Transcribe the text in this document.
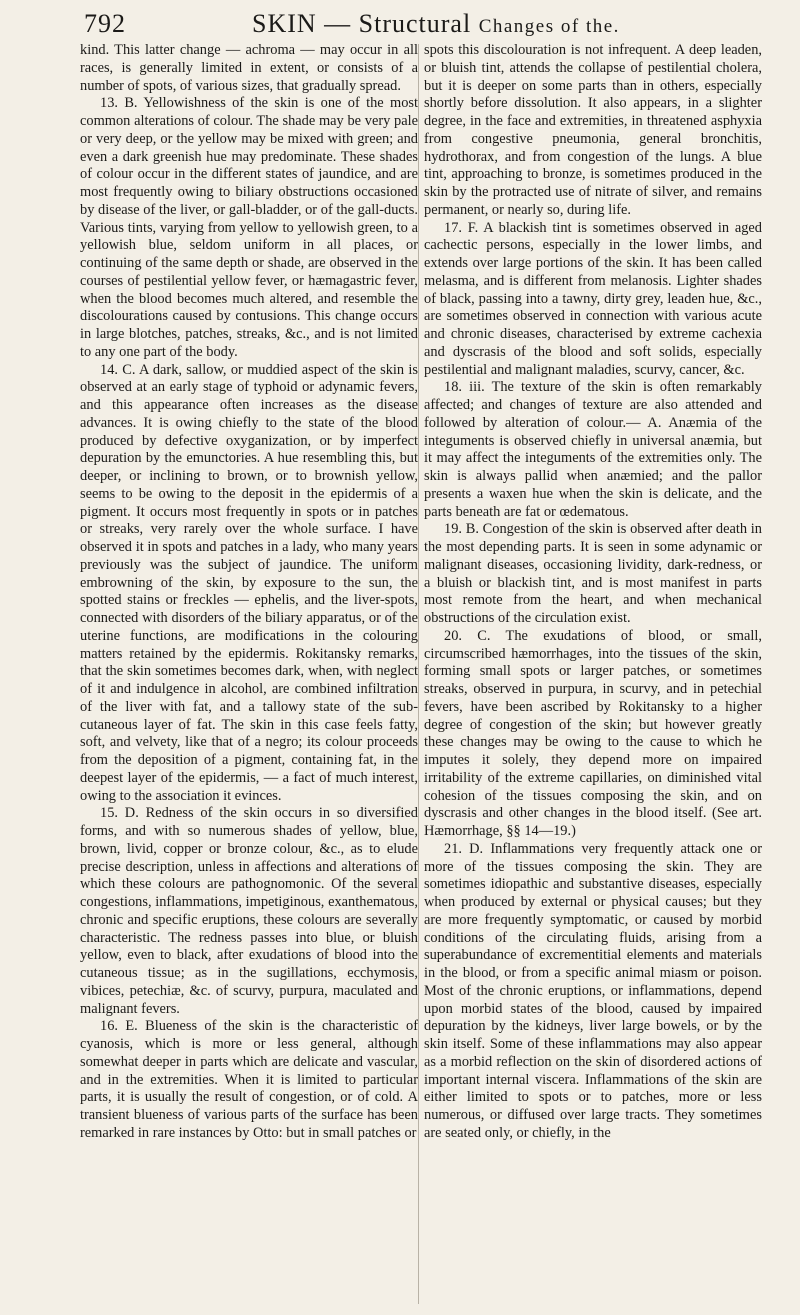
792	SKIN — Structural Changes of the.

kind. This latter change — achroma — may occur in all races, is generally limited in extent, or consists of a number of spots, of various sizes, that gradually spread.

13. B. Yellowishness of the skin is one of the most common alterations of colour. The shade may be very pale or very deep, or the yellow may be mixed with green; and even a dark greenish hue may predominate. These shades of colour occur in the different states of jaundice, and are most frequently owing to biliary obstructions occasioned by disease of the liver, or gall-bladder, or of the gall-ducts. Various tints, varying from yellow to yellowish green, to a yellowish blue, seldom uniform in all places, or continuing of the same depth or shade, are observed in the courses of pestilential yellow fever, or hæmagastric fever, when the blood becomes much altered, and resemble the discolourations caused by contusions. This change occurs in large blotches, patches, streaks, &c., and is not limited to any one part of the body.

14. C. A dark, sallow, or muddied aspect of the skin is observed at an early stage of typhoid or adynamic fevers, and this appearance often increases as the disease advances. It is owing chiefly to the state of the blood produced by defective oxyganization, or by imperfect depuration by the emunctories. A hue resembling this, but deeper, or inclining to brown, or to brownish yellow, seems to be owing to the deposit in the epidermis of a pigment. It occurs most frequently in spots or in patches or streaks, very rarely over the whole surface. I have observed it in spots and patches in a lady, who many years previously was the subject of jaundice. The uniform embrowning of the skin, by exposure to the sun, the spotted stains or freckles — ephelis, and the liver-spots, connected with disorders of the biliary apparatus, or of the uterine functions, are modifications in the colouring matters retained by the epidermis. Rokitansky remarks, that the skin sometimes becomes dark, when, with neglect of it and indulgence in alcohol, are combined infiltration of the liver with fat, and a tallowy state of the sub-cutaneous layer of fat. The skin in this case feels fatty, soft, and velvety, like that of a negro; its colour proceeds from the deposition of a pigment, containing fat, in the deepest layer of the epidermis, — a fact of much interest, owing to the association it evinces.

15. D. Redness of the skin occurs in so diversified forms, and with so numerous shades of yellow, blue, brown, livid, copper or bronze colour, &c., as to elude precise description, unless in affections and alterations of which these colours are pathognomonic. Of the several congestions, inflammations, impetiginous, exanthematous, chronic and specific eruptions, these colours are severally characteristic. The redness passes into blue, or bluish yellow, even to black, after exudations of blood into the cutaneous tissue; as in the sugillations, ecchymosis, vibices, petechiæ, &c. of scurvy, purpura, maculated and malignant fevers.

16. E. Blueness of the skin is the characteristic of cyanosis, which is more or less general, although somewhat deeper in parts which are delicate and vascular, and in the extremities. When it is limited to particular parts, it is usually the result of congestion, or of cold. A transient blueness of various parts of the surface has been remarked in rare instances by Otto: but in small patches or

spots this discolouration is not infrequent. A deep leaden, or bluish tint, attends the collapse of pestilential cholera, but it is deeper on some parts than in others, especially shortly before dissolution. It also appears, in a slighter degree, in the face and extremities, in threatened asphyxia from congestive pneumonia, general bronchitis, hydrothorax, and from congestion of the lungs. A blue tint, approaching to bronze, is sometimes produced in the skin by the protracted use of nitrate of silver, and remains permanent, or nearly so, during life.

17. F. A blackish tint is sometimes observed in aged cachectic persons, especially in the lower limbs, and extends over large portions of the skin. It has been called melasma, and is different from melanosis. Lighter shades of black, passing into a tawny, dirty grey, leaden hue, &c., are sometimes observed in connection with various acute and chronic diseases, characterised by extreme cachexia and dyscrasis of the blood and soft solids, especially pestilential and malignant maladies, scurvy, cancer, &c.

18. iii. The texture of the skin is often remarkably affected; and changes of texture are also attended and followed by alteration of colour.— A. Anæmia of the integuments is observed chiefly in universal anæmia, but it may affect the integuments of the extremities only. The skin is always pallid when anæmied; and the pallor presents a waxen hue when the skin is delicate, and the parts beneath are fat or œdematous.

19. B. Congestion of the skin is observed after death in the most depending parts. It is seen in some adynamic or malignant diseases, occasioning lividity, dark-redness, or a bluish or blackish tint, and is most manifest in parts most remote from the heart, and when mechanical obstructions of the circulation exist.

20. C. The exudations of blood, or small, circumscribed hæmorrhages, into the tissues of the skin, forming small spots or larger patches, or sometimes streaks, observed in purpura, in scurvy, and in petechial fevers, have been ascribed by Rokitansky to a higher degree of congestion of the skin; but however greatly these changes may be owing to the cause to which he imputes it solely, they depend more on impaired irritability of the extreme capillaries, on diminished vital cohesion of the tissues composing the skin, and on dyscrasis and other changes in the blood itself. (See art. Hæmorrhage, §§ 14—19.)

21. D. Inflammations very frequently attack one or more of the tissues composing the skin. They are sometimes idiopathic and substantive diseases, especially when produced by external or physical causes; but they are more frequently symptomatic, or caused by morbid conditions of the circulating fluids, arising from a superabundance of excrementitial elements and materials in the blood, or from a specific animal miasm or poison. Most of the chronic eruptions, or inflammations, depend upon morbid states of the blood, caused by impaired depuration by the kidneys, liver large bowels, or by the skin itself. Some of these inflammations may also appear as a morbid reflection on the skin of disordered actions of important internal viscera. Inflammations of the skin are either limited to spots or to patches, more or less numerous, or diffused over large tracts. They sometimes are seated only, or chiefly, in the
